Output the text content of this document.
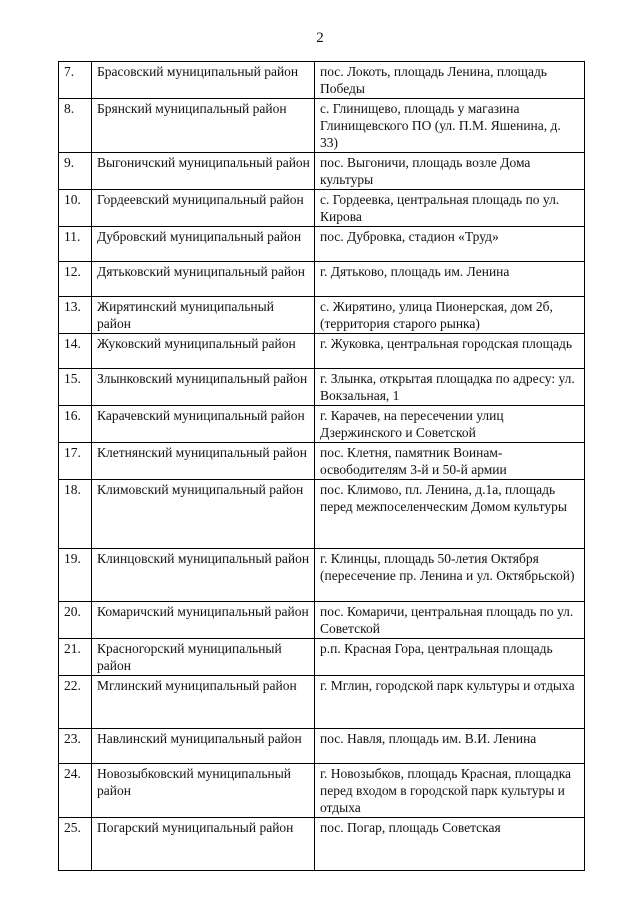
2
7.	Брасовский муниципальный район	пос. Локоть, площадь Ленина, площадь Победы
8.	Брянский муниципальный район	с. Глинищево, площадь у магазина Глинищевского ПО (ул. П.М. Яшенина, д. 33)
9.	Выгоничский муниципальный район	пос. Выгоничи, площадь возле Дома культуры
10.	Гордеевский муниципальный район	с. Гордеевка, центральная площадь по ул. Кирова
11.	Дубровский муниципальный район	пос. Дубровка, стадион «Труд»
12.	Дятьковский муниципальный район	г. Дятьково, площадь им. Ленина
13.	Жирятинский муниципальный район	с. Жирятино, улица Пионерская, дом 2б, (территория старого рынка)
14.	Жуковский муниципальный район	г. Жуковка, центральная городская площадь
15.	Злынковский муниципальный район	г. Злынка, открытая площадка по адресу: ул. Вокзальная, 1
16.	Карачевский муниципальный район	г. Карачев, на пересечении улиц Дзержинского и Советской
17.	Клетнянский муниципальный район	пос. Клетня, памятник Воинам-освободителям 3-й и 50-й армии
18.	Климовский муниципальный район	пос. Климово, пл. Ленина, д.1а, площадь перед межпоселенческим Домом культуры
19.	Клинцовский муниципальный район	г. Клинцы, площадь 50-летия Октября (пересечение пр. Ленина и ул. Октябрьской)
20.	Комаричский муниципальный район	пос. Комаричи, центральная площадь по ул. Советской
21.	Красногорский муниципальный район	р.п. Красная Гора, центральная площадь
22.	Мглинский муниципальный район	г. Мглин, городской парк культуры и отдыха
23.	Навлинский муниципальный район	пос. Навля, площадь им. В.И. Ленина
24.	Новозыбковский муниципальный район	г. Новозыбков, площадь Красная, площадка перед входом в городской парк культуры и отдыха
25.	Погарский муниципальный район	пос. Погар, площадь Советская
